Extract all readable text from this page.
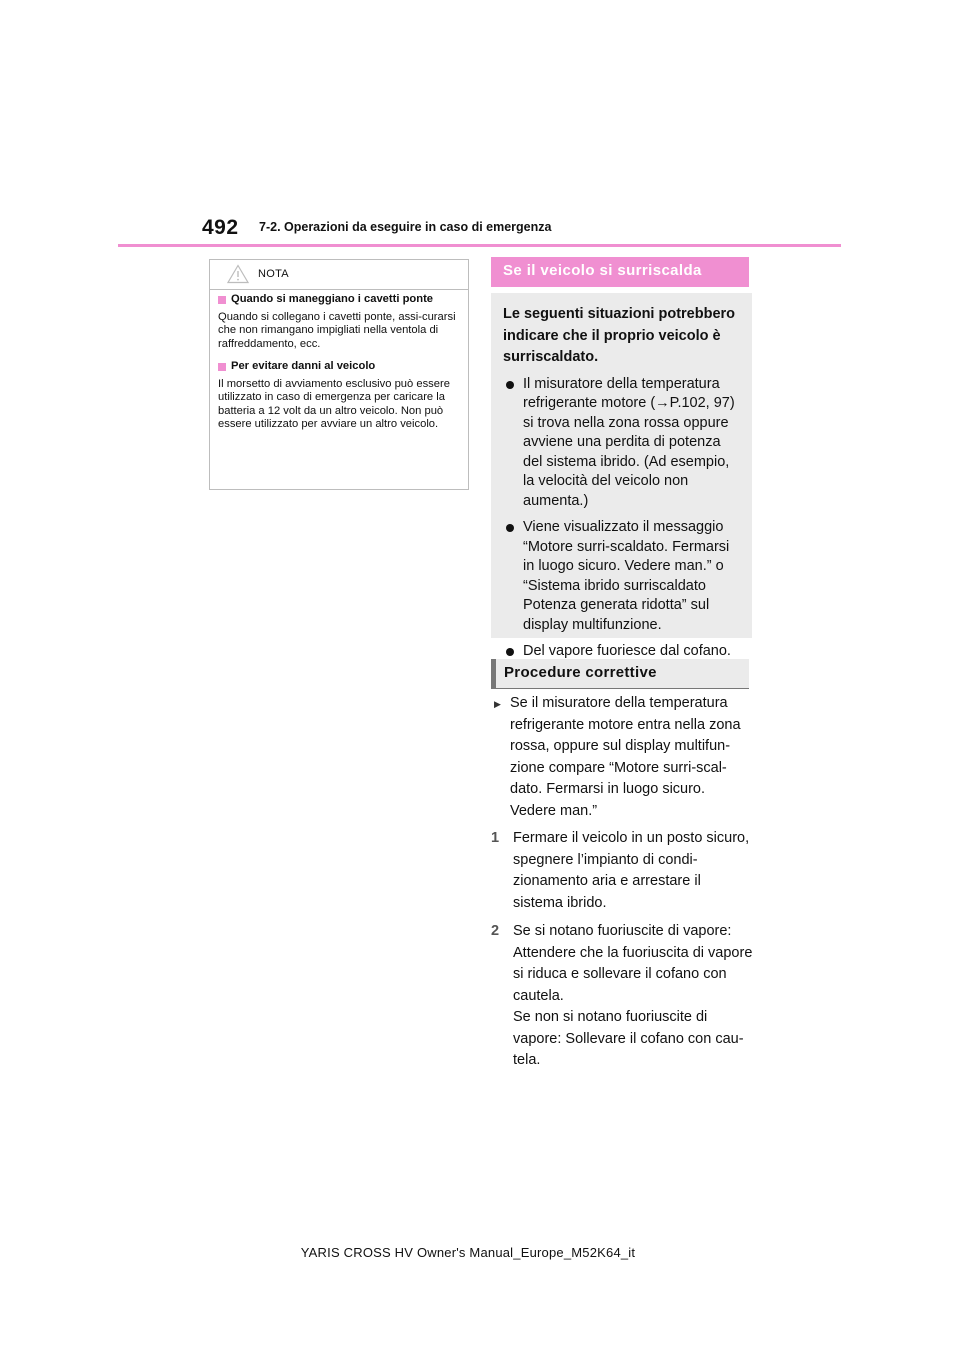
492 7-2. Operazioni da eseguire in caso di emergenza
NOTA
Quando si maneggiano i cavetti ponte
Quando si collegano i cavetti ponte, assi-curarsi che non rimangano impigliati nella ventola di raffreddamento, ecc.
Per evitare danni al veicolo
Il morsetto di avviamento esclusivo può essere utilizzato in caso di emergenza per caricare la batteria a 12 volt da un altro veicolo. Non può essere utilizzato per avviare un altro veicolo.
Se il veicolo si surriscalda
Le seguenti situazioni potrebbero indicare che il proprio veicolo è surriscaldato.
Il misuratore della temperatura refrigerante motore (→P.102, 97) si trova nella zona rossa oppure avviene una perdita di potenza del sistema ibrido. (Ad esempio, la velocità del veicolo non aumenta.)
Viene visualizzato il messaggio “Motore surri-scaldato. Fermarsi in luogo sicuro. Vedere man.” o “Sistema ibrido surriscaldato Potenza generata ridotta” sul display multifunzione.
Del vapore fuoriesce dal cofano.
Procedure correttive
▶ Se il misuratore della temperatura refrigerante motore entra nella zona rossa, oppure sul display multifun-zione compare “Motore surri-scal-dato. Fermarsi in luogo sicuro. Vedere man.”
1 Fermare il veicolo in un posto sicuro, spegnere l’impianto di condi-zionamento aria e arrestare il sistema ibrido.
2 Se si notano fuoriuscite di vapore: Attendere che la fuoriuscita di vapore si riduca e sollevare il cofano con cautela.
Se non si notano fuoriuscite di vapore: Sollevare il cofano con cau-tela.
YARIS CROSS HV Owner's Manual_Europe_M52K64_it
